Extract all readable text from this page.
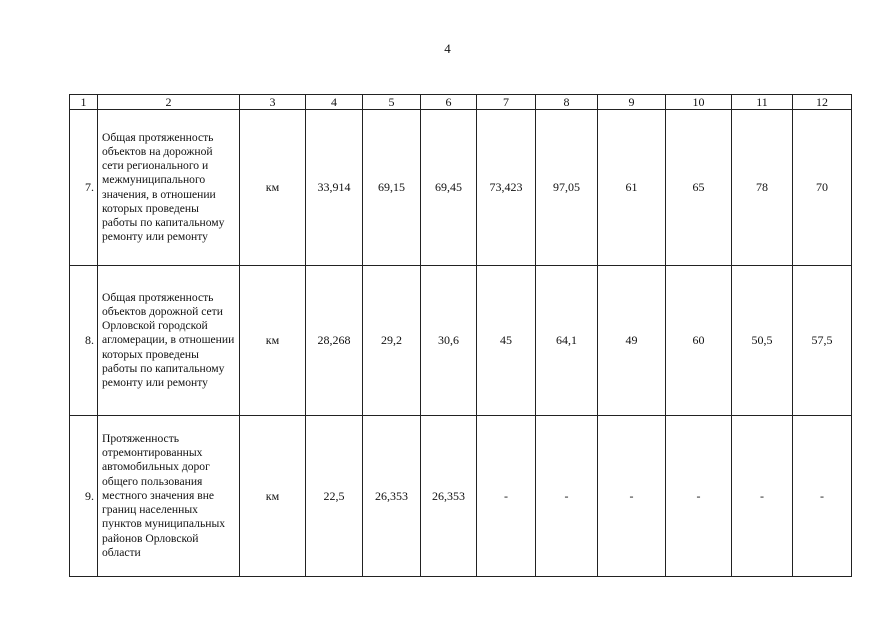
4
1	2	3	4	5	6	7	8	9	10	11	12
7.	Общая протяженность объектов на дорожной сети регионального и межмуниципального значения, в отношении которых проведены работы по капитальному ремонту или ремонту	км	33,914	69,15	69,45	73,423	97,05	61	65	78	70
8.	Общая протяженность объектов дорожной сети Орловской городской агломерации, в отношении которых проведены работы по капитальному ремонту или ремонту	км	28,268	29,2	30,6	45	64,1	49	60	50,5	57,5
9.	Протяженность отремонтированных автомобильных дорог общего пользования местного значения вне границ населенных пунктов муниципальных районов Орловской области	км	22,5	26,353	26,353	-	-	-	-	-	-
